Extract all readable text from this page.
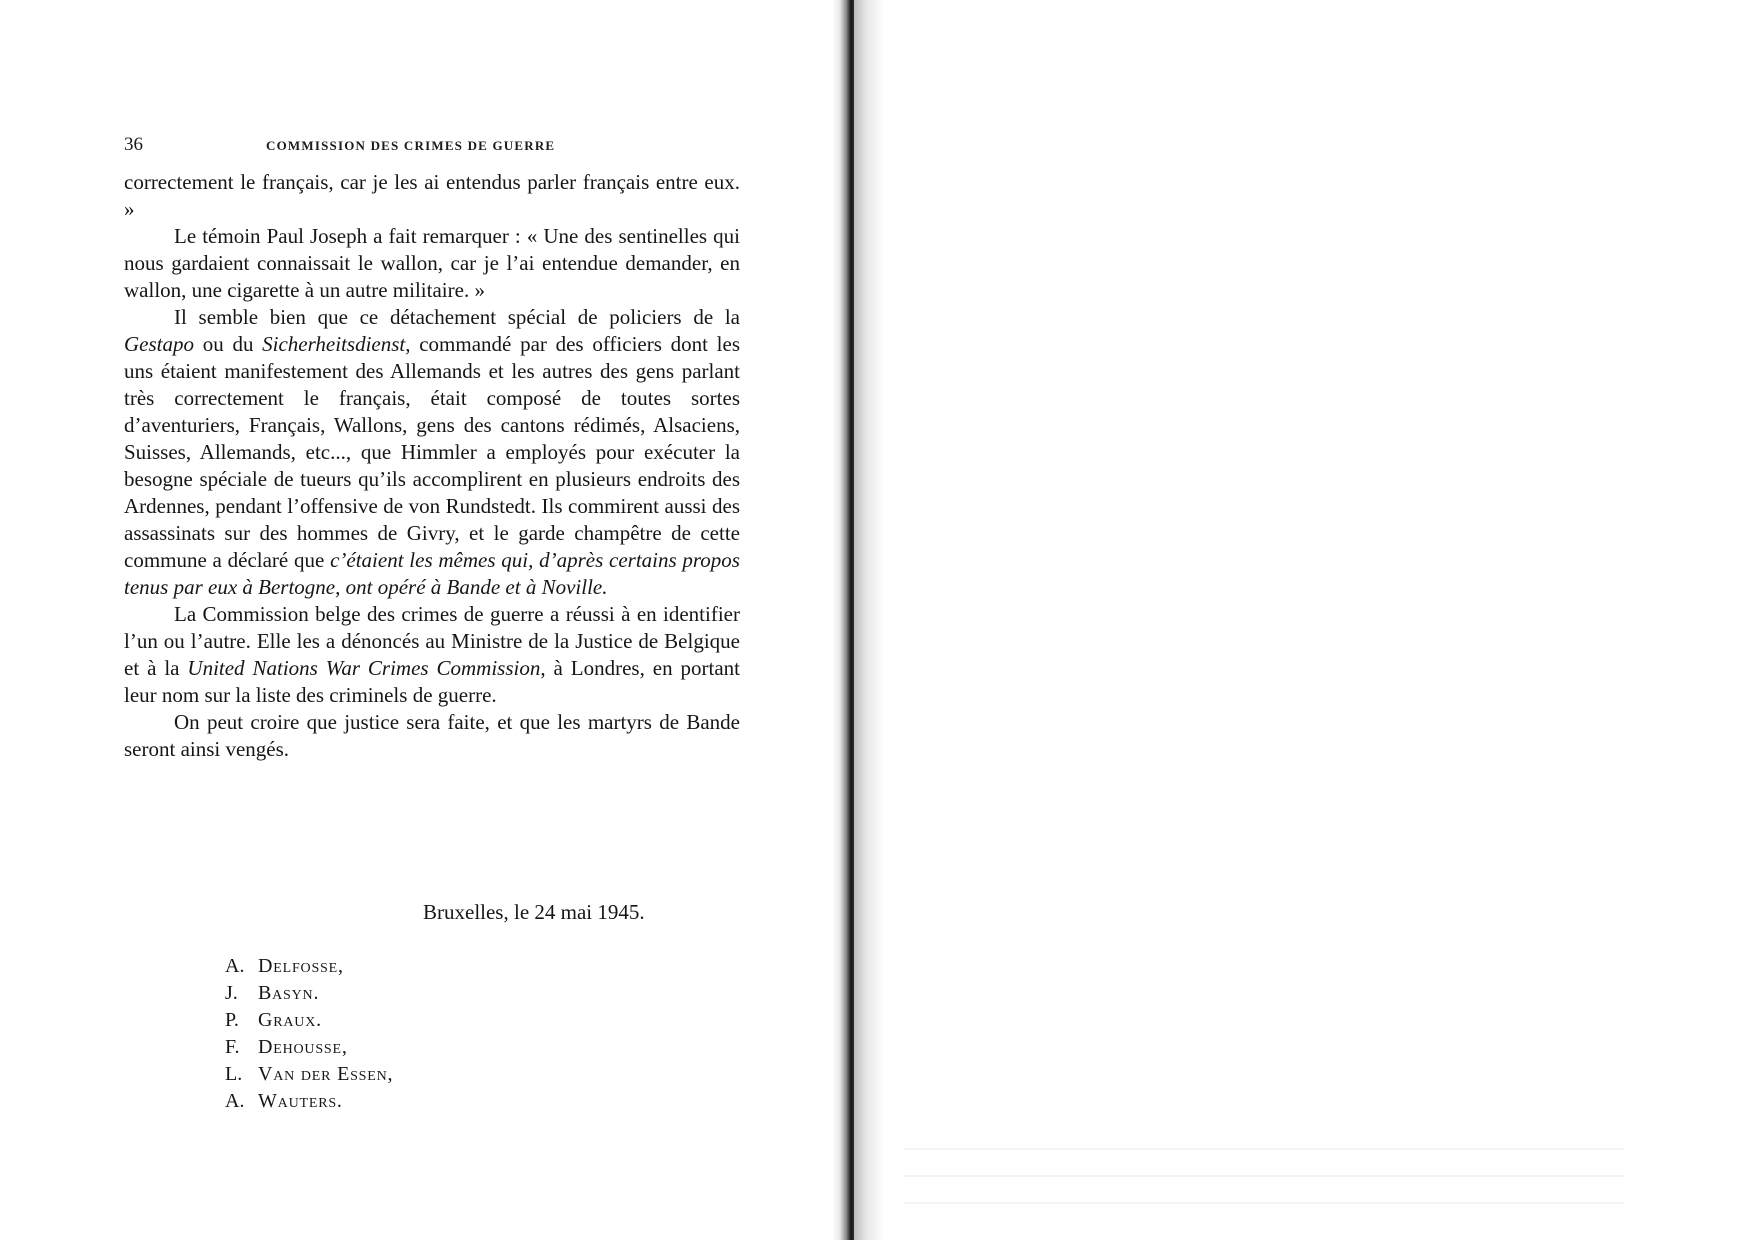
36	COMMISSION DES CRIMES DE GUERRE

correctement le français, car je les ai entendus parler français entre eux. »

Le témoin Paul Joseph a fait remarquer : « Une des sentinelles qui nous gardaient connaissait le wallon, car je l’ai entendue demander, en wallon, une cigarette à un autre militaire. »

Il semble bien que ce détachement spécial de policiers de la Gestapo ou du Sicherheitsdienst, commandé par des officiers dont les uns étaient manifestement des Allemands et les autres des gens parlant très correctement le français, était composé de toutes sortes d’aventuriers, Français, Wallons, gens des cantons rédimés, Alsaciens, Suisses, Allemands, etc..., que Himmler a employés pour exécuter la besogne spéciale de tueurs qu’ils accomplirent en plusieurs endroits des Ardennes, pendant l’offensive de von Rundstedt. Ils commirent aussi des assassinats sur des hommes de Givry, et le garde champêtre de cette commune a déclaré que c’étaient les mêmes qui, d’après certains propos tenus par eux à Bertogne, ont opéré à Bande et à Noville.

La Commission belge des crimes de guerre a réussi à en identifier l’un ou l’autre. Elle les a dénoncés au Ministre de la Justice de Belgique et à la United Nations War Crimes Commission, à Londres, en portant leur nom sur la liste des criminels de guerre.

On peut croire que justice sera faite, et que les martyrs de Bande seront ainsi vengés.

Bruxelles, le 24 mai 1945.
A. Delfosse,
J. Basyn.
P. Graux.
F. Dehousse,
L. Van der Essen,
A. Wauters.
